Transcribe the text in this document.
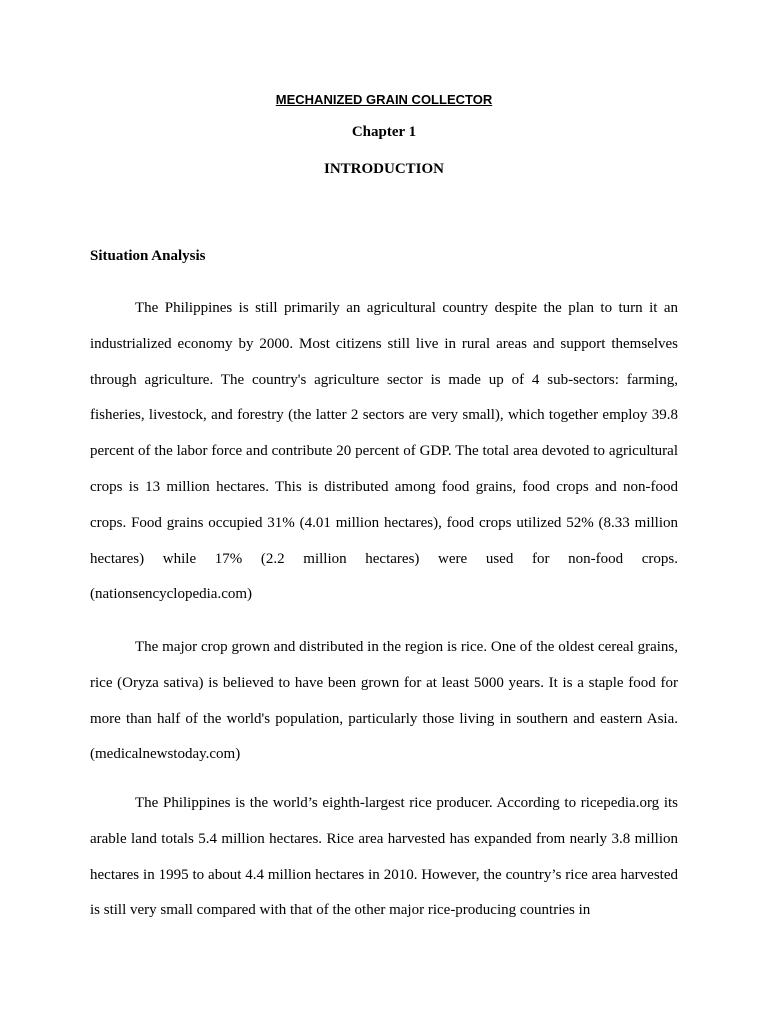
MECHANIZED GRAIN COLLECTOR
Chapter 1
INTRODUCTION
Situation Analysis

The Philippines is still primarily an agricultural country despite the plan to turn it an industrialized economy by 2000. Most citizens still live in rural areas and support themselves through agriculture. The country's agriculture sector is made up of 4 sub-sectors: farming, fisheries, livestock, and forestry (the latter 2 sectors are very small), which together employ 39.8 percent of the labor force and contribute 20 percent of GDP. The total area devoted to agricultural crops is 13 million hectares. This is distributed among food grains, food crops and non-food crops. Food grains occupied 31% (4.01 million hectares), food crops utilized 52% (8.33 million hectares) while 17% (2.2 million hectares) were used for non-food crops. (nationsencyclopedia.com)

The major crop grown and distributed in the region is rice. One of the oldest cereal grains, rice (Oryza sativa) is believed to have been grown for at least 5000 years. It is a staple food for more than half of the world's population, particularly those living in southern and eastern Asia. (medicalnewstoday.com)

The Philippines is the world’s eighth-largest rice producer. According to ricepedia.org its arable land totals 5.4 million hectares. Rice area harvested has expanded from nearly 3.8 million hectares in 1995 to about 4.4 million hectares in 2010. However, the country’s rice area harvested is still very small compared with that of the other major rice-producing countries in
